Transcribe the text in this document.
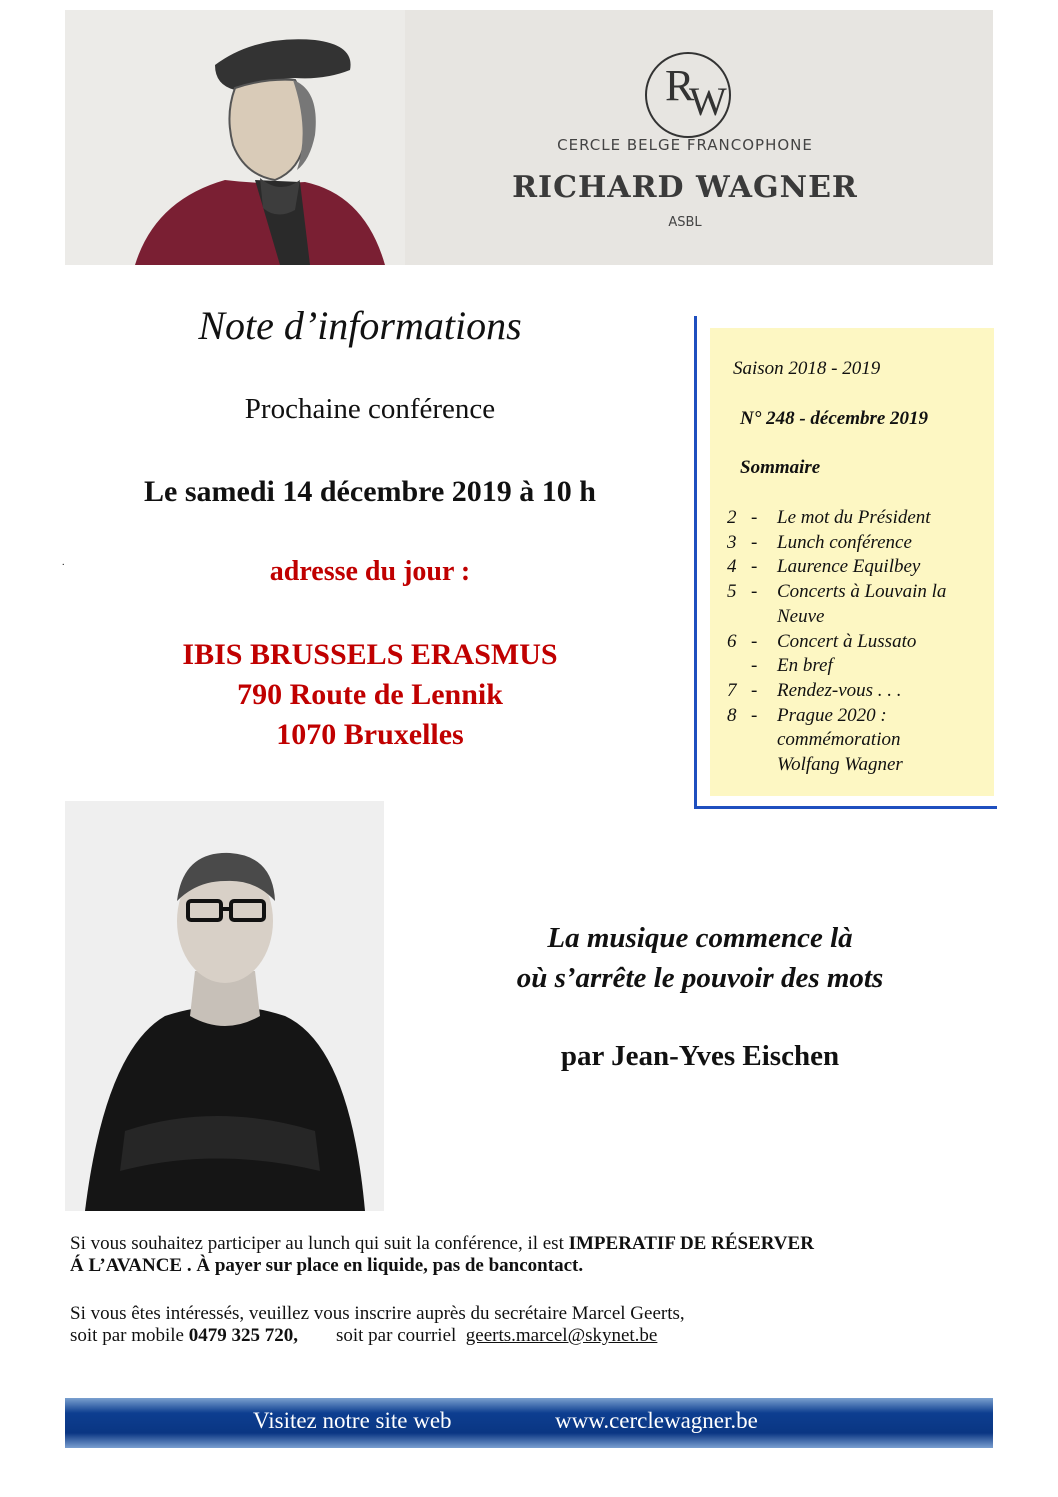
R
W
CERCLE BELGE FRANCOPHONE
RICHARD WAGNER
ASBL
Note d’informations
Prochaine conférence
Le samedi 14 décembre 2019 à 10 h
adresse du jour :
IBIS BRUSSELS ERASMUS
790 Route de Lennik
1070 Bruxelles
Saison 2018 - 2019
N° 248 - décembre 2019
Sommaire
2 -	Le mot du Président
3 -	Lunch conférence
4 -	Laurence Equilbey
5 -	Concerts à Louvain la
Neuve
6 -	Concert à Lussato
-	En bref
7 -	Rendez-vous . . .
8 -	Prague 2020 :
commémoration
Wolfang Wagner
La musique commence là
où s’arrête le pouvoir des mots
par Jean-Yves Eischen
Si vous souhaitez participer au lunch qui suit la conférence, il est IMPERATIF DE RÉSERVER
Á L’AVANCE . À payer sur place en liquide, pas de bancontact.
Si vous êtes intéressés, veuillez vous inscrire auprès du secrétaire Marcel Geerts,
soit par mobile 0479 325 720,        soit par courriel  geerts.marcel@skynet.be
Visitez notre site web	www.cerclewagner.be
.
